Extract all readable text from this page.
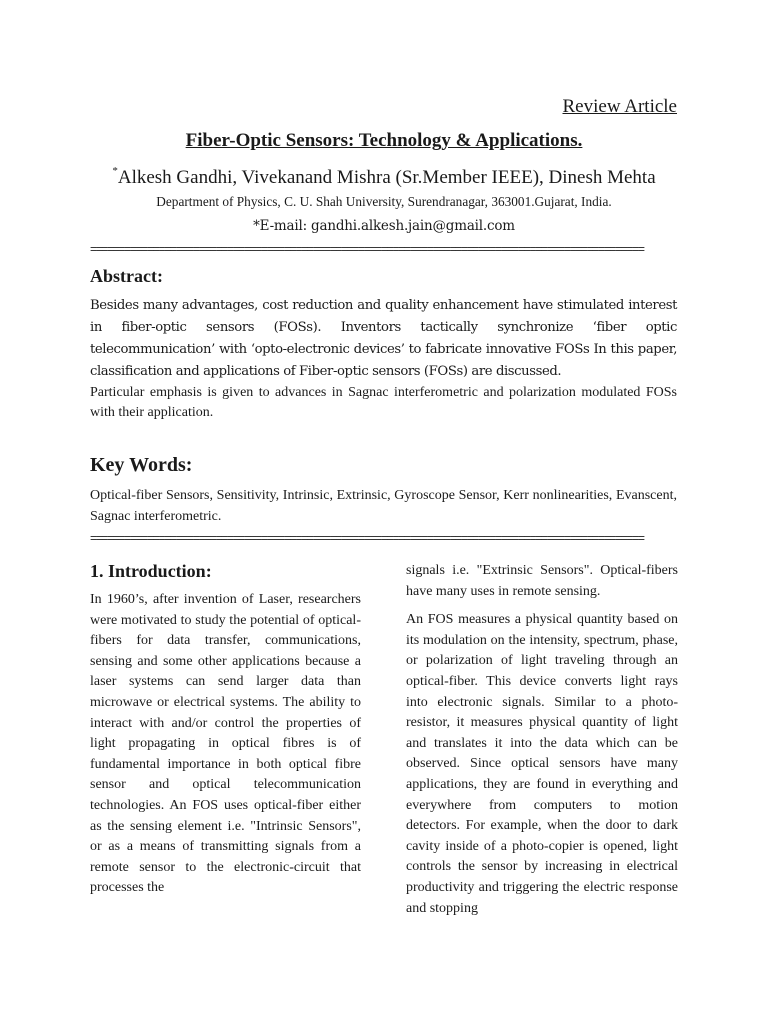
Review Article
Fiber-Optic Sensors: Technology & Applications.
*Alkesh Gandhi, Vivekanand Mishra (Sr.Member IEEE), Dinesh Mehta
Department of Physics, C. U. Shah University, Surendranagar, 363001.Gujarat, India.
*E-mail: gandhi.alkesh.jain@gmail.com
=================================================================================================
Abstract:

Besides many advantages, cost reduction and quality enhancement have stimulated interest in fiber-optic sensors (FOSs). Inventors tactically synchronize ‘fiber optic telecommunication’ with ‘opto-electronic devices’ to fabricate innovative FOSs In this paper, classification and applications of Fiber-optic sensors (FOSs) are discussed.

Particular emphasis is given to advances in Sagnac interferometric and polarization modulated FOSs with their application.

Key Words:
Optical-fiber Sensors, Sensitivity, Intrinsic, Extrinsic, Gyroscope Sensor, Kerr nonlinearities, Evanscent, Sagnac interferometric.
=================================================================================================
1. Introduction:

In 1960’s, after invention of Laser, researchers were motivated to study the potential of optical-fibers for data transfer, communications, sensing and some other applications because a laser systems can send larger data than microwave or electrical systems. The ability to interact with and/or control the properties of light propagating in optical fibres is of fundamental importance in both optical fibre sensor and optical telecommunication technologies. An FOS uses optical-fiber either as the sensing element i.e. "Intrinsic Sensors", or as a means of transmitting signals from a remote sensor to the electronic-circuit that processes the

signals i.e. "Extrinsic Sensors". Optical-fibers have many uses in remote sensing.

An FOS measures a physical quantity based on its modulation on the intensity, spectrum, phase, or polarization of light traveling through an optical-fiber. This device converts light rays into electronic signals. Similar to a photo-resistor, it measures physical quantity of light and translates it into the data which can be observed. Since optical sensors have many applications, they are found in everything and everywhere from computers to motion detectors. For example, when the door to dark cavity inside of a photo-copier is opened, light controls the sensor by increasing in electrical productivity and triggering the electric response and stopping
